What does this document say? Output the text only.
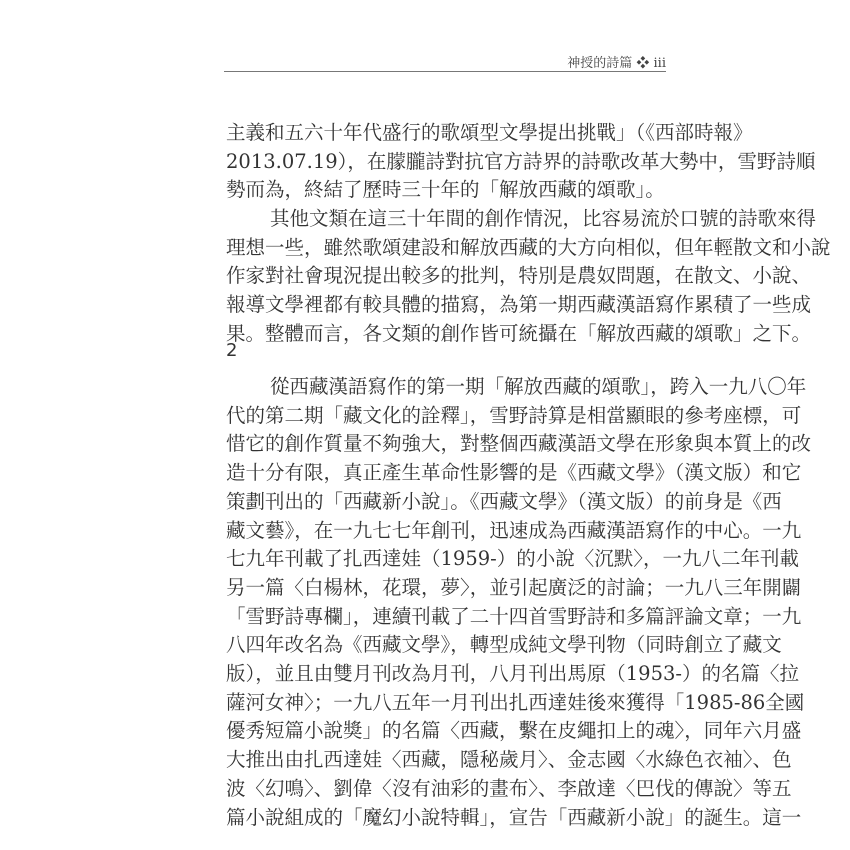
神授的詩篇 ❖ iii
主義和五六十年代盛行的歌頌型文學提出挑戰」（《西部時報》
2013.07.19），在朦朧詩對抗官方詩界的詩歌改革大勢中，雪野詩順
勢而為，終結了歷時三十年的「解放西藏的頌歌」。
其他文類在這三十年間的創作情況，比容易流於口號的詩歌來得
理想一些，雖然歌頌建設和解放西藏的大方向相似，但年輕散文和小說
作家對社會現況提出較多的批判，特別是農奴問題，在散文、小說、
報導文學裡都有較具體的描寫，為第一期西藏漢語寫作累積了一些成
果。整體而言，各文類的創作皆可統攝在「解放西藏的頌歌」之下。
從西藏漢語寫作的第一期「解放西藏的頌歌」，跨入一九八〇年
代的第二期「藏文化的詮釋」，雪野詩算是相當顯眼的參考座標，可
惜它的創作質量不夠強大，對整個西藏漢語文學在形象與本質上的改
造十分有限，真正產生革命性影響的是《西藏文學》（漢文版）和它
策劃刊出的「西藏新小說」。《西藏文學》（漢文版）的前身是《西
藏文藝》，在一九七七年創刊，迅速成為西藏漢語寫作的中心。一九
七九年刊載了扎西達娃（1959-）的小說〈沉默〉，一九八二年刊載
另一篇〈白楊林，花環，夢〉，並引起廣泛的討論；一九八三年開闢
「雪野詩專欄」，連續刊載了二十四首雪野詩和多篇評論文章；一九
八四年改名為《西藏文學》，轉型成純文學刊物（同時創立了藏文
版），並且由雙月刊改為月刊，八月刊出馬原（1953-）的名篇〈拉
薩河女神〉；一九八五年一月刊出扎西達娃後來獲得「1985-86全國
優秀短篇小說獎」的名篇〈西藏，繫在皮繩扣上的魂〉，同年六月盛
大推出由扎西達娃〈西藏，隱秘歲月〉、金志國〈水綠色衣袖〉、色
波〈幻鳴〉、劉偉〈沒有油彩的畫布〉、李啟達〈巴伐的傳說〉等五
篇小說組成的「魔幻小說特輯」，宣告「西藏新小說」的誕生。這一
2
